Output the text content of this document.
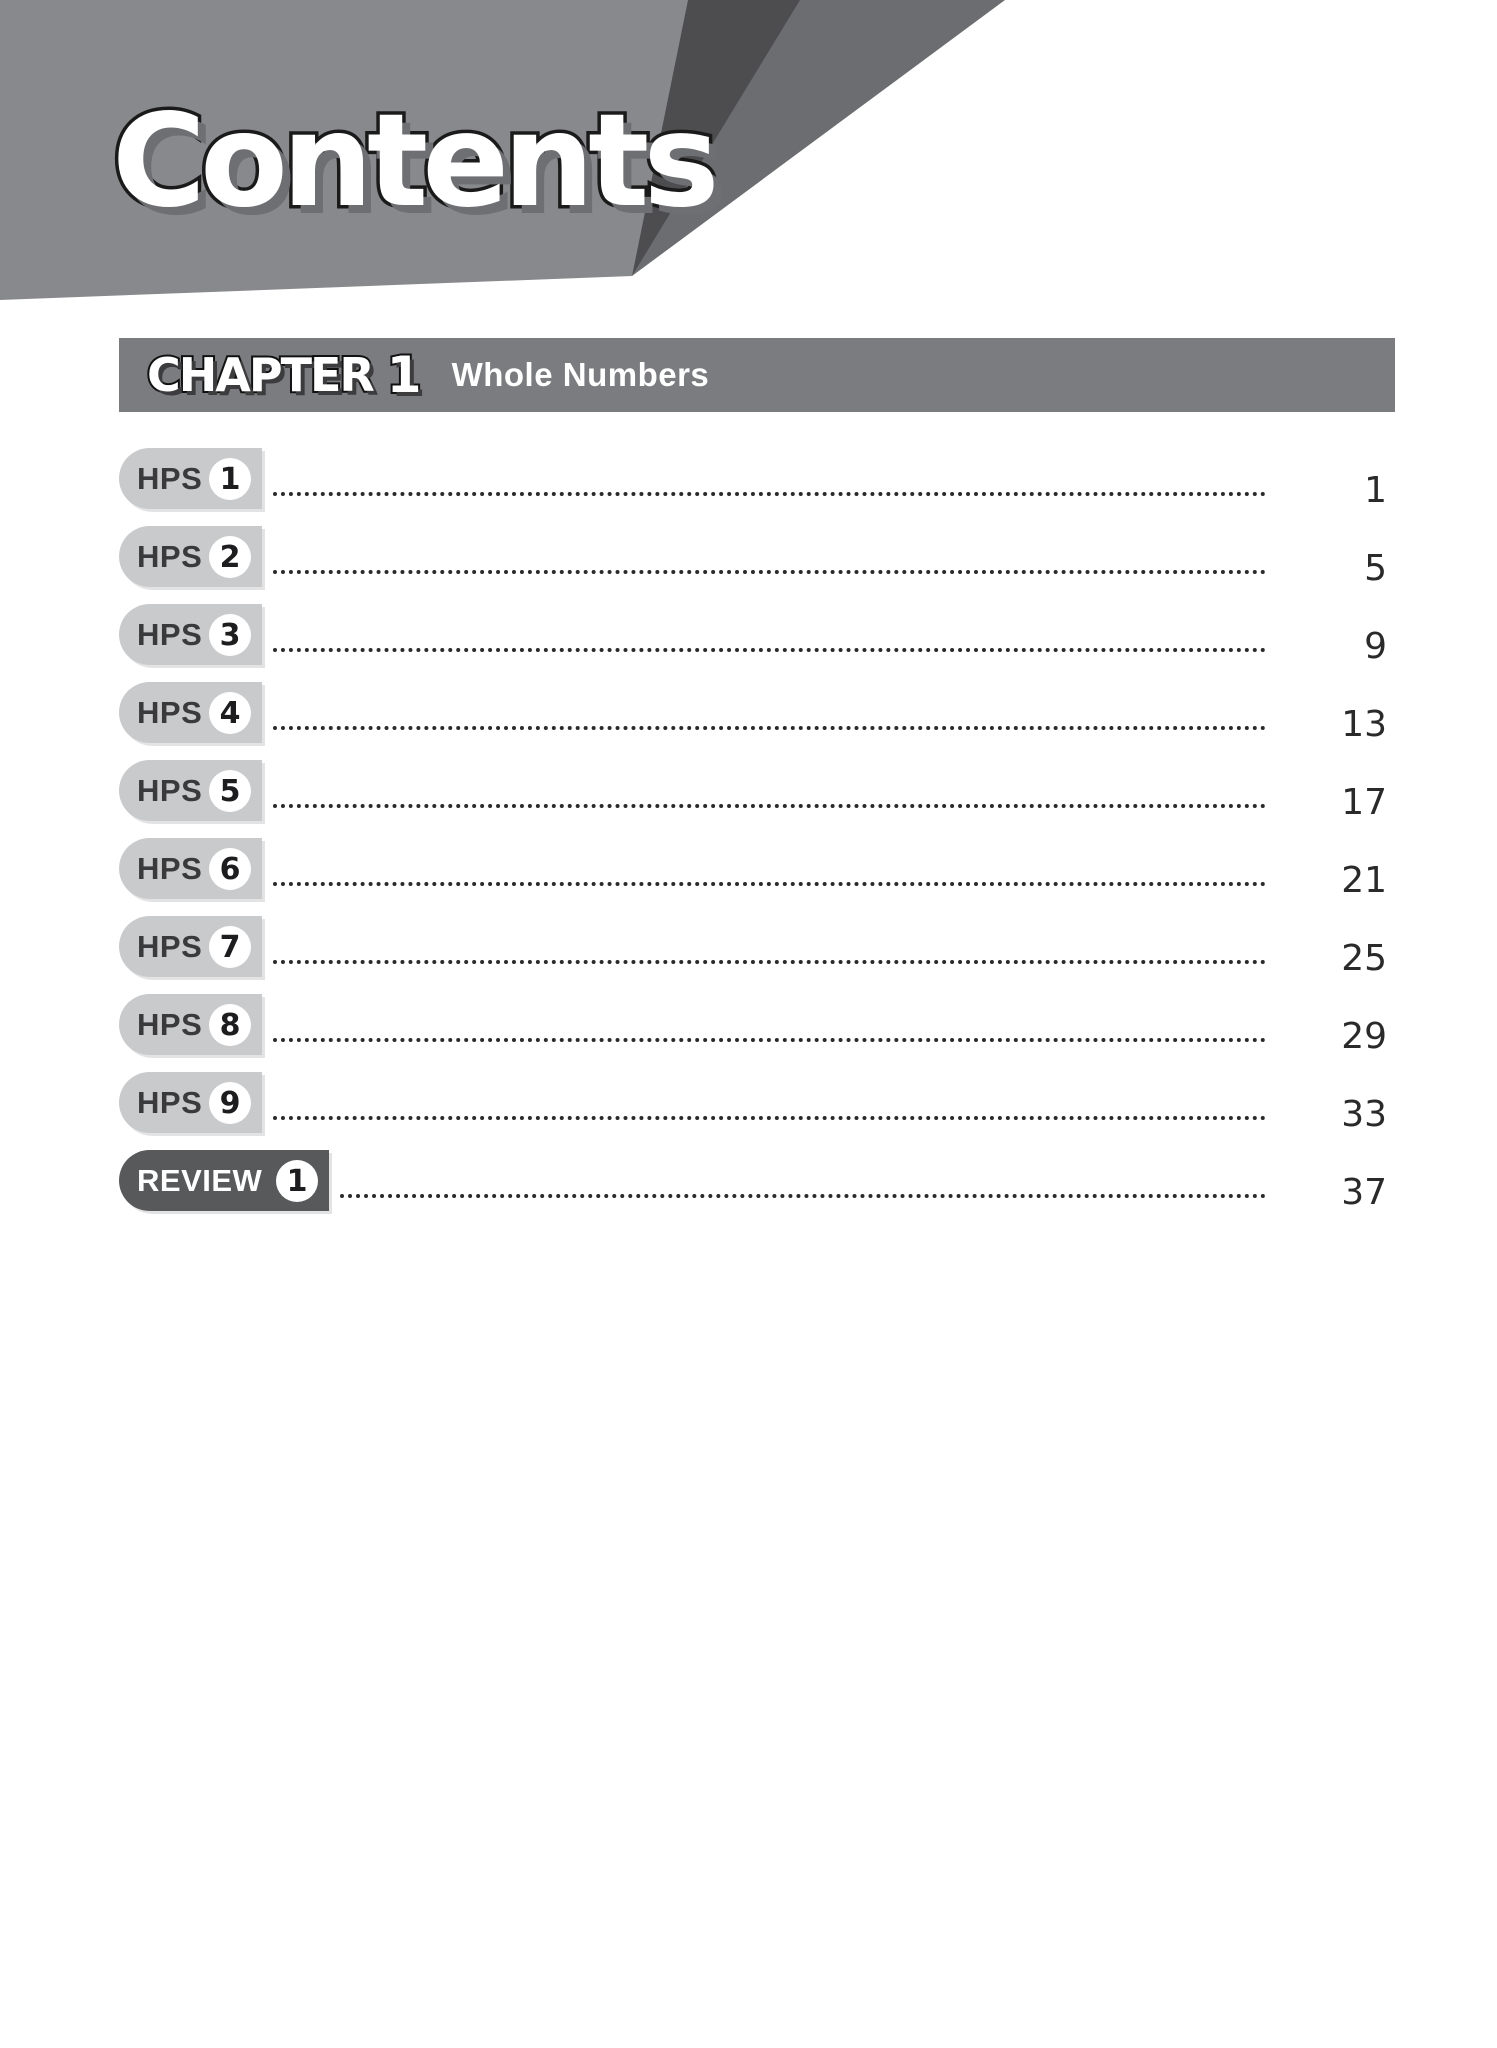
Contents
CHAPTER 1 Whole Numbers
HPS 1	1
HPS 2	5
HPS 3	9
HPS 4	13
HPS 5	17
HPS 6	21
HPS 7	25
HPS 8	29
HPS 9	33
REVIEW 1	37
